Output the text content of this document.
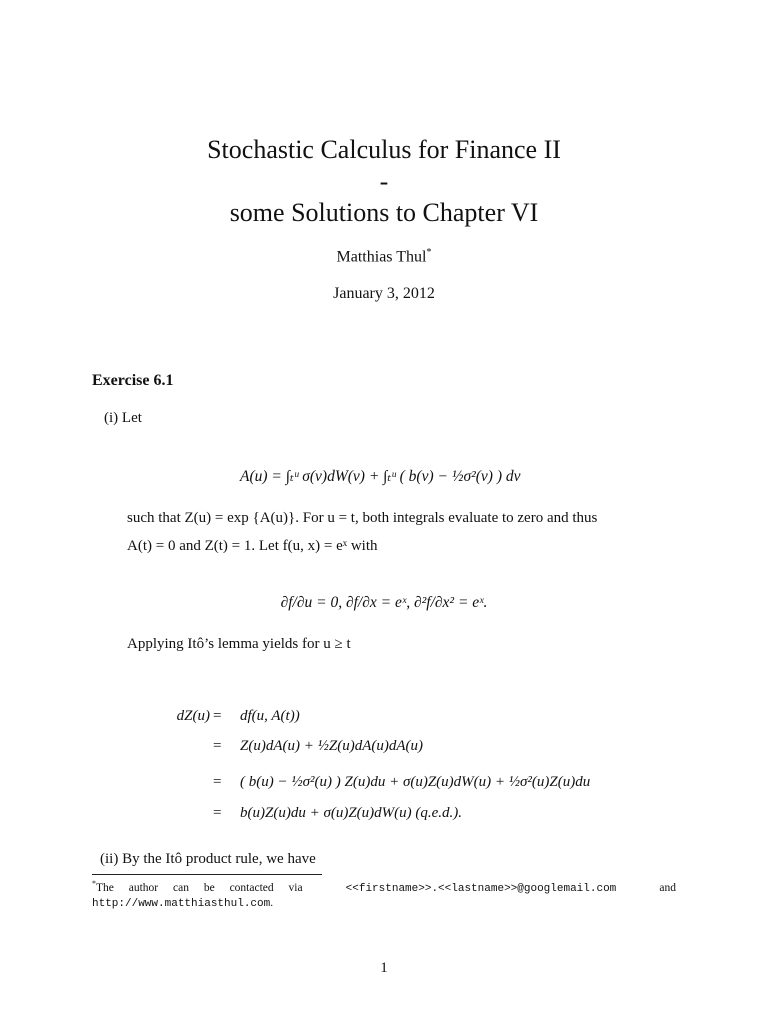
Stochastic Calculus for Finance II
-
some Solutions to Chapter VI
Matthias Thul*
January 3, 2012
Exercise 6.1
(i) Let
A(u) = ∫ₜᵘ σ(v)dW(v) + ∫ₜᵘ ( b(v) − ½σ²(v) ) dv
such that Z(u) = exp {A(u)}. For u = t, both integrals evaluate to zero and thus
A(t) = 0 and Z(t) = 1. Let f(u, x) = eˣ with
∂f/∂u = 0, ∂f/∂x = eˣ, ∂²f/∂x² = eˣ.
Applying Itô’s lemma yields for u ≥ t
dZ(u) = df(u, A(t))
= Z(u)dA(u) + ½Z(u)dA(u)dA(u)
= ( b(u) − ½σ²(u) ) Z(u)du + σ(u)Z(u)dW(u) + ½σ²(u)Z(u)du
= b(u)Z(u)du + σ(u)Z(u)dW(u) (q.e.d.).
(ii) By the Itô product rule, we have
*The author can be contacted via	<<firstname>>.<<lastname>>@googlemail.com	and
http://www.matthiasthul.com.
1
